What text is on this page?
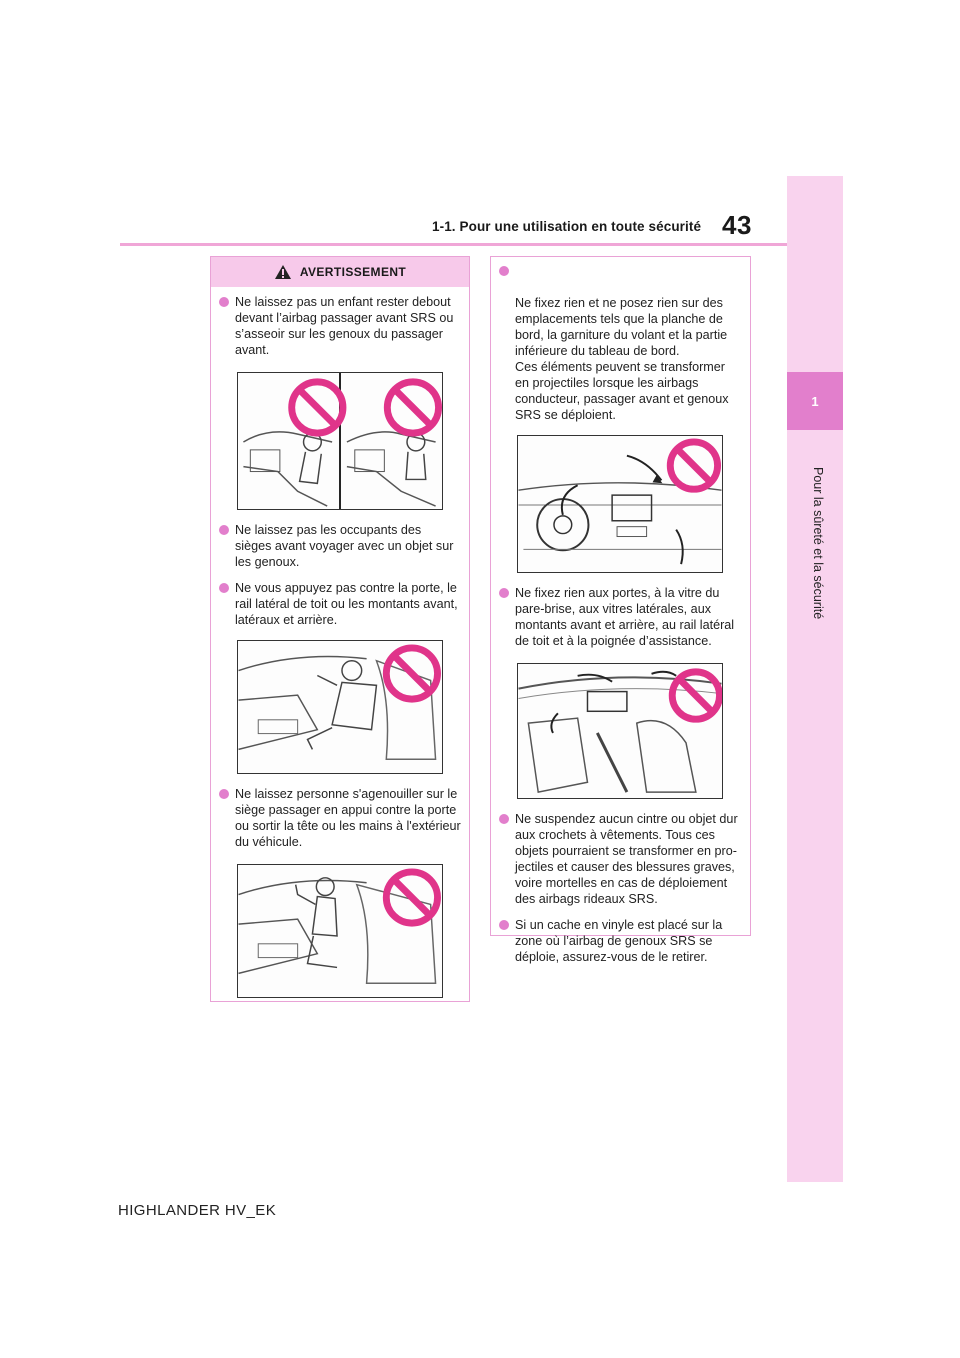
43
1-1. Pour une utilisation en toute sécurité
1
Pour la sûreté et la sécurité
AVERTISSEMENT
Ne laissez pas un enfant rester debout devant l’airbag passager avant SRS ou s’asseoir sur les genoux du passager avant.
Ne laissez pas les occupants des sièges avant voyager avec un objet sur les genoux.
Ne vous appuyez pas contre la porte, le rail latéral de toit ou les montants avant, latéraux et arrière.
Ne laissez personne s'agenouiller sur le siège passager en appui contre la porte ou sortir la tête ou les mains à l'extérieur du véhicule.

Ne fixez rien et ne posez rien sur des emplacements tels que la planche de bord, la garniture du volant et la partie inférieure du tableau de bord.
Ces éléments peuvent se transformer en projectiles lorsque les airbags conducteur, passager avant et genoux SRS se déploient.

Ne fixez rien aux portes, à la vitre du pare-brise, aux vitres latérales, aux montants avant et arrière, au rail latéral de toit et à la poignée d’assistance.
Ne suspendez aucun cintre ou objet dur aux crochets à vêtements. Tous ces objets pourraient se transformer en pro-jectiles et causer des blessures graves, voire mortelles en cas de déploiement des airbags rideaux SRS.
Si un cache en vinyle est placé sur la zone où l’airbag de genoux SRS se déploie, assurez-vous de le retirer.
HIGHLANDER HV_EK
